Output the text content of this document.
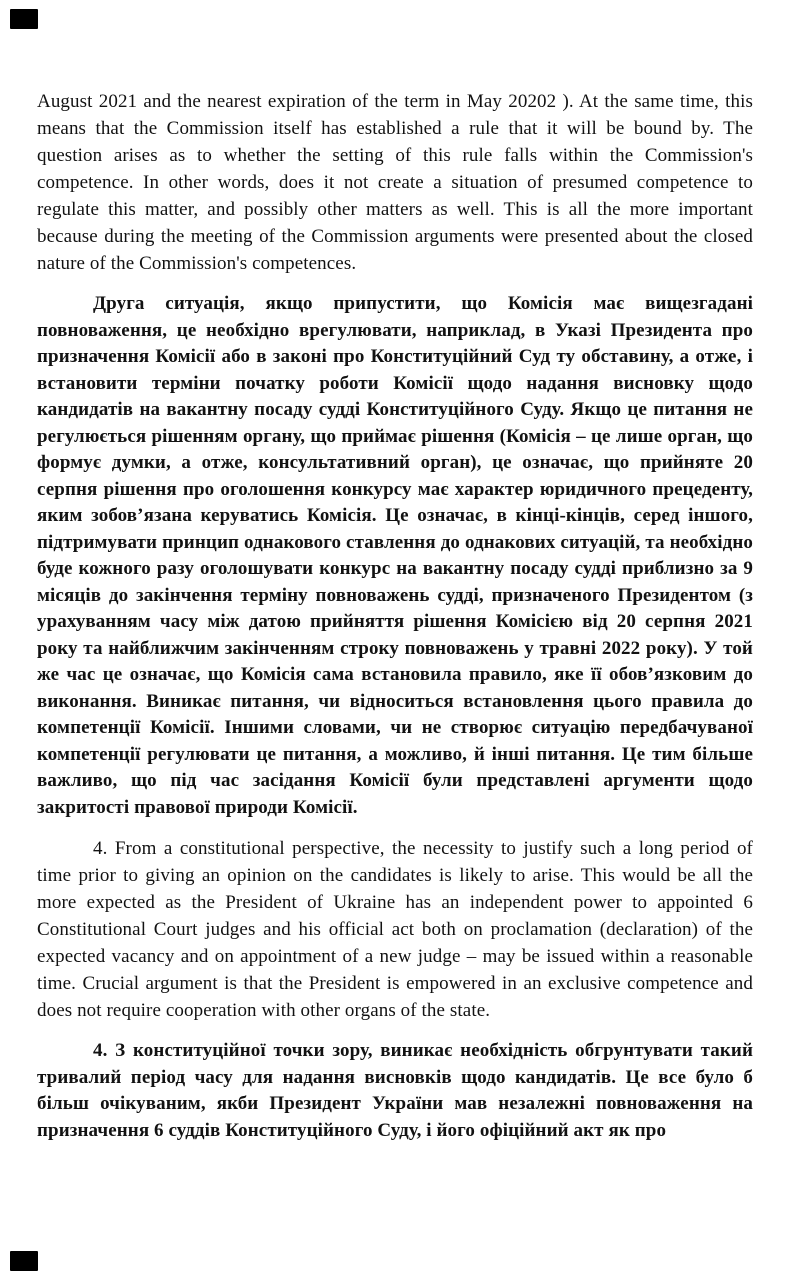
August 2021 and the nearest expiration of the term in May 20202 ). At the same time, this means that the Commission itself has established a rule that it will be bound by. The question arises as to whether the setting of this rule falls within the Commission's competence. In other words, does it not create a situation of presumed competence to regulate this matter, and possibly other matters as well. This is all the more important because during the meeting of the Commission arguments were presented about the closed nature of the Commission's competences.

Друга ситуація, якщо припустити, що Комісія має вищезгадані повноваження, це необхідно врегулювати, наприклад, в Указі Президента про призначення Комісії або в законі про Конституційний Суд ту обставину, а отже, і встановити терміни початку роботи Комісії щодо надання висновку щодо кандидатів на вакантну посаду судді Конституційного Суду. Якщо це питання не регулюється рішенням органу, що приймає рішення (Комісія – це лише орган, що формує думки, а отже, консультативний орган), це означає, що прийняте 20 серпня рішення про оголошення конкурсу має характер юридичного прецеденту, яким зобов’язана керуватись Комісія. Це означає, в кінці-кінців, серед іншого, підтримувати принцип однакового ставлення до однакових ситуацій, та необхідно буде кожного разу оголошувати конкурс на вакантну посаду судді приблизно за 9 місяців до закінчення терміну повноважень судді, призначеного Президентом (з урахуванням часу між датою прийняття рішення Комісією від 20 серпня 2021 року та найближчим закінченням строку повноважень у травні 2022 року). У той же час це означає, що Комісія сама встановила правило, яке її обов’язковим до виконання. Виникає питання, чи відноситься встановлення цього правила до компетенції Комісії. Іншими словами, чи не створює ситуацію передбачуваної компетенції регулювати це питання, а можливо, й інші питання. Це тим більше важливо, що під час засідання Комісії були представлені аргументи щодо закритості правової природи Комісії.

4. From a constitutional perspective, the necessity to justify such a long period of time prior to giving an opinion on the candidates is likely to arise. This would be all the more expected as the President of Ukraine has an independent power to appointed 6 Constitutional Court judges and his official act both on proclamation (declaration) of the expected vacancy and on appointment of a new judge – may be issued within a reasonable time. Crucial argument is that the President is empowered in an exclusive competence and does not require cooperation with other organs of the state.

4. З конституційної точки зору, виникає необхідність обгрунтувати такий тривалий період часу для надання висновків щодо кандидатів. Це все було б більш очікуваним, якби Президент України мав незалежні повноваження на призначення 6 суддів Конституційного Суду, і його офіційний акт як про
